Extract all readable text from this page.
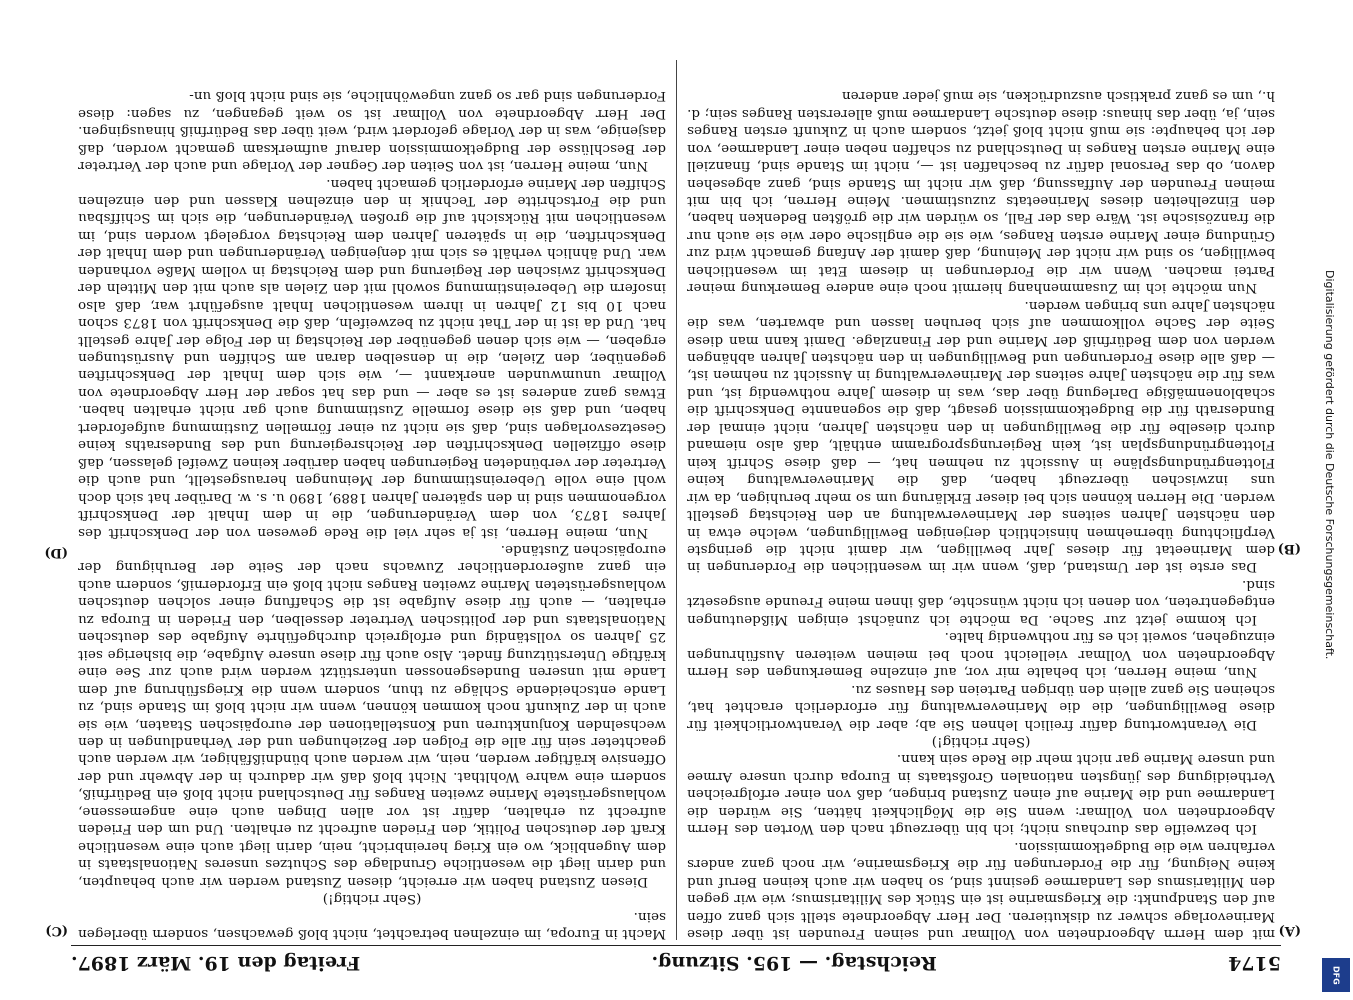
5174
Reichstag. — 195. Sitzung.
Freitag den 19. März 1897.
(A)
(B)
(C)
(D)

mit dem Herrn Abgeordneten von Vollmar und seinen Freunden ist über diese Marinevorlage schwer zu diskutieren. Der Herr Abgeordnete stellt sich ganz offen auf den Standpunkt: die Kriegsmarine ist ein Stück des Militarismus; wie wir gegen den Militarismus des Landarmee gesinnt sind, so haben wir auch keinen Beruf und keine Neigung, für die Forderungen für die Kriegsmarine, wir noch ganz anders verfahren wie die Budgetkommission.

Ich bezweifle das durchaus nicht; ich bin überzeugt nach den Worten des Herrn Abgeordneten von Vollmar: wenn Sie die Möglichkeit hätten, Sie würden die Landarmee und die Marine auf einen Zustand bringen, daß von einer erfolgreichen Vertheidigung des jüngsten nationalen Großstaats in Europa durch unsere Armee und unsere Marine gar nicht mehr die Rede sein kann.

(Sehr richtig!)

Die Verantwortung dafür freilich lehnen Sie ab; aber die Verantwortlichkeit für diese Bewilligungen, die die Marineverwaltung für erforderlich erachtet hat, scheinen Sie ganz allein den übrigen Parteien des Hauses zu.

Nun, meine Herren, ich behalte mir vor, auf einzelne Bemerkungen des Herrn Abgeordneten von Vollmar vielleicht noch bei meinen weiteren Ausführungen einzugehen, soweit ich es für nothwendig halte.

Ich komme jetzt zur Sache. Da möchte ich zunächst einigen Mißdeutungen entgegentreten, von denen ich nicht wünschte, daß ihnen meine Freunde ausgesetzt sind.

Das erste ist der Umstand, daß, wenn wir im wesentlichen die Forderungen in dem Marineetat für dieses Jahr bewilligen, wir damit nicht die geringste Verpflichtung übernehmen hinsichtlich derjenigen Bewilligungen, welche etwa in den nächsten Jahren seitens der Marineverwaltung an den Reichstag gestellt werden. Die Herren können sich bei dieser Erklärung um so mehr beruhigen, da wir uns inzwischen überzeugt haben, daß die Marineverwaltung keine Flottengründungspläne in Aussicht zu nehmen hat, — daß diese Schrift kein Flottengründungsplan ist, kein Regierungsprogramm enthält, daß also niemand durch dieselbe für die Bewilligungen in den nächsten Jahren, nicht einmal der Bundesrath für die Budgetkommission gesagt, daß die sogenannte Denkschrift die schablonenmäßige Darlegung über das, was in diesem Jahre nothwendig ist, und was für die nächsten Jahre seitens der Marineverwaltung in Aussicht zu nehmen ist, — daß alle diese Forderungen und Bewilligungen in den nächsten Jahren abhängen werden von dem Bedürfniß der Marine und der Finanzlage. Damit kann man diese Seite der Sache vollkommen auf sich beruhen lassen und abwarten, was die nächsten Jahre uns bringen werden.

Nun möchte ich im Zusammenhang hiermit noch eine andere Bemerkung meiner Partei machen. Wenn wir die Forderungen in diesem Etat im wesentlichen bewilligen, so sind wir nicht der Meinung, daß damit der Anfang gemacht wird zur Gründung einer Marine ersten Ranges, wie sie die englische oder wie sie auch nur die französische ist. Wäre das der Fall, so würden wir die größten Bedenken haben, den Einzelheiten dieses Marineetats zuzustimmen. Meine Herren, ich bin mit meinen Freunden der Auffassung, daß wir nicht im Stande sind, ganz abgesehen davon, ob das Personal dafür zu beschaffen ist —, nicht im Stande sind, finanziell eine Marine ersten Ranges in Deutschland zu schaffen neben einer Landarmee, von der ich behaupte: sie muß nicht bloß jetzt, sondern auch in Zukunft ersten Ranges sein, ja, über das hinaus: diese deutsche Landarmee muß allerersten Ranges sein; d. h., um es ganz praktisch auszudrücken, sie muß jeder anderen

Macht in Europa, im einzelnen betrachtet, nicht bloß gewachsen, sondern überlegen sein.

(Sehr richtig!)

Diesen Zustand haben wir erreicht, diesen Zustand werden wir auch behaupten, und darin liegt die wesentliche Grundlage des Schutzes unseres Nationalstaats in dem Augenblick, wo ein Krieg hereinbricht, nein, darin liegt auch eine wesentliche Kraft der deutschen Politik, den Frieden aufrecht zu erhalten. Und um den Frieden aufrecht zu erhalten, dafür ist vor allen Dingen auch eine angemessene, wohlausgerüstete Marine zweiten Ranges für Deutschland nicht bloß ein Bedürfniß, sondern eine wahre Wohlthat. Nicht bloß daß wir dadurch in der Abwehr und der Offensive kräftiger werden, nein, wir werden auch bündnißfähiger, wir werden auch geachteter sein für alle die Folgen der Beziehungen und der Verhandlungen in den wechselnden Konjunkturen und Konstellationen der europäischen Staaten, wie sie auch in der Zukunft noch kommen können, wenn wir nicht bloß im Stande sind, zu Lande entscheidende Schläge zu thun, sondern wenn die Kriegsführung auf dem Lande mit unseren Bundesgenossen unterstützt werden wird auch zur See eine kräftige Unterstützung findet. Also auch für diese unsere Aufgabe, die bisherige seit 25 Jahren so vollständig und erfolgreich durchgeführte Aufgabe des deutschen Nationalstaats und der politischen Vertreter desselben, den Frieden in Europa zu erhalten, — auch für diese Aufgabe ist die Schaffung einer solchen deutschen wohlausgerüsteten Marine zweiten Ranges nicht bloß ein Erforderniß, sondern auch ein ganz außerordentlicher Zuwachs nach der Seite der Beruhigung der europäischen Zustände.

Nun, meine Herren, ist ja sehr viel die Rede gewesen von der Denkschrift des Jahres 1873, von dem Veränderungen, die in dem Inhalt der Denkschrift vorgenommen sind in den späteren Jahren 1889, 1890 u. s. w. Darüber hat sich doch wohl eine volle Uebereinstimmung der Meinungen herausgestellt, und auch die Vertreter der verbündeten Regierungen haben darüber keinen Zweifel gelassen, daß diese offiziellen Denkschriften der Reichsregierung und des Bundesraths keine Gesetzesvorlagen sind, daß sie nicht zu einer förmellen Zustimmung aufgefordert haben, und daß sie diese formelle Zustimmung auch gar nicht erhalten haben. Etwas ganz anderes ist es aber — und das hat sogar der Herr Abgeordnete von Vollmar unumwunden anerkannt —, wie sich dem Inhalt der Denkschriften gegenüber, den Zielen, die in denselben daran am Schiffen und Ausrüstungen ergeben, — wie sich denen gegenüber der Reichstag in der Folge der Jahre gestellt hat. Und da ist in der That nicht zu bezweifeln, daß die Denkschrift von 1873 schon nach 10 bis 12 Jahren in ihrem wesentlichen Inhalt ausgeführt war, daß also insofern die Uebereinstimmung sowohl mit den Zielen als auch mit den Mitteln der Denkschrift zwischen der Regierung und dem Reichstag in vollem Maße vorhanden war. Und ähnlich verhält es sich mit denjenigen Veränderungen und dem Inhalt der Denkschriften, die in späteren Jahren dem Reichstag vorgelegt worden sind, im wesentlichen mit Rücksicht auf die großen Veränderungen, die sich im Schiffsbau und die Fortschritte der Technik in den einzelnen Klassen und den einzelnen Schiffen der Marine erforderlich gemacht haben.

Nun, meine Herren, ist von Seiten der Gegner der Vorlage und auch der Vertreter der Beschlüsse der Budgetkommission darauf aufmerksam gemacht worden, daß dasjenige, was in der Vorlage gefordert wird, weit über das Bedürfniß hinausgingen. Der Herr Abgeordnete von Vollmar ist so weit gegangen, zu sagen: diese Forderungen sind gar so ganz ungewöhnliche, sie sind nicht bloß un-

Digitalisierung gefördert durch die Deutsche Forschungsgemeinschaft.
DFG
